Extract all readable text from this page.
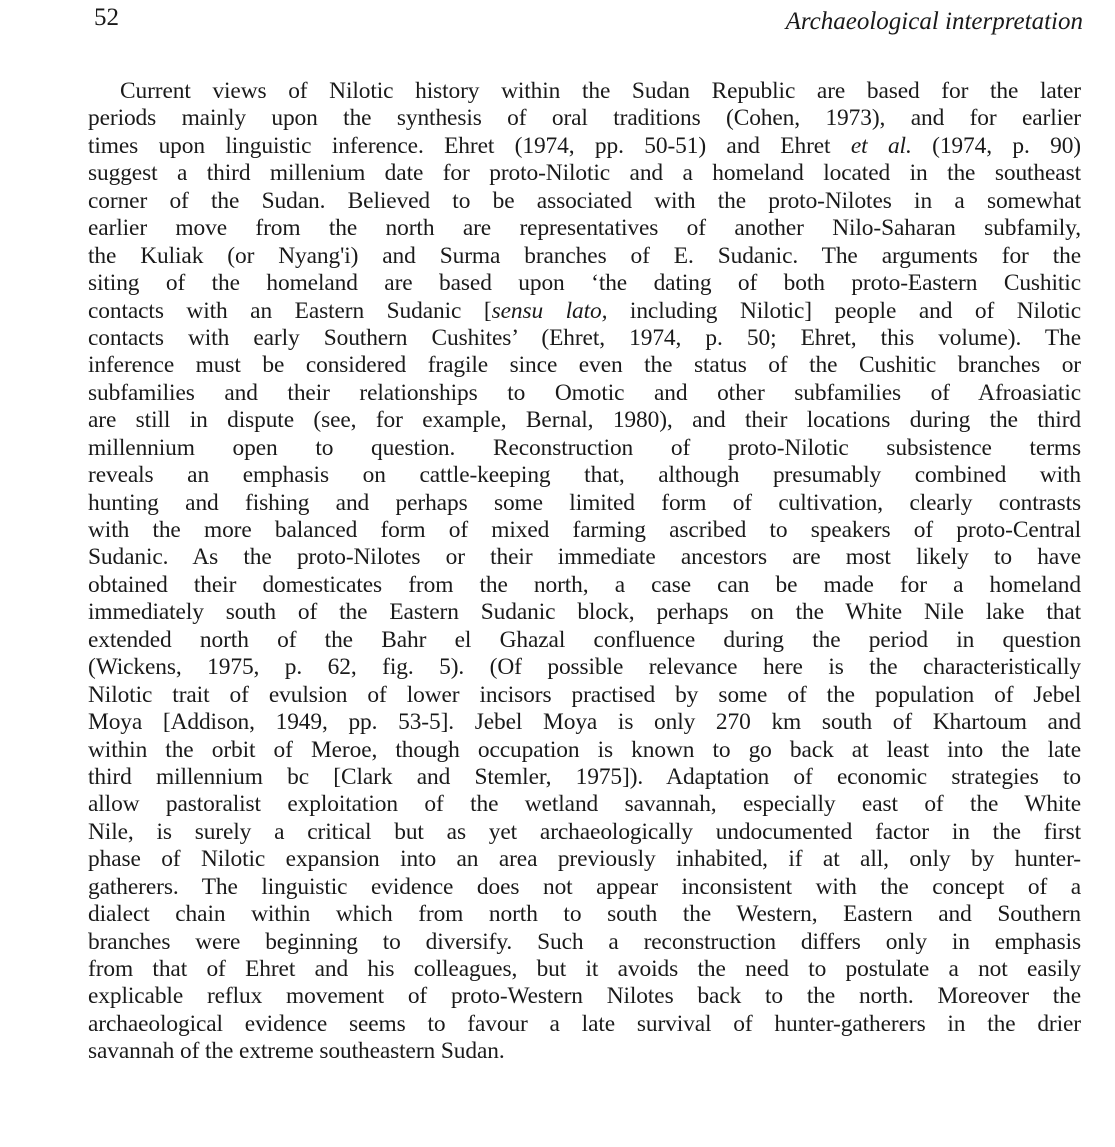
52	Archaeological interpretation
Current views of Nilotic history within the Sudan Republic are based for the later
periods mainly upon the synthesis of oral traditions (Cohen, 1973), and for earlier
times upon linguistic inference. Ehret (1974, pp. 50-51) and Ehret et al. (1974, p. 90)
suggest a third millenium date for proto-Nilotic and a homeland located in the southeast
corner of the Sudan. Believed to be associated with the proto-Nilotes in a somewhat
earlier move from the north are representatives of another Nilo-Saharan subfamily,
the Kuliak (or Nyang'i) and Surma branches of E. Sudanic. The arguments for the
siting of the homeland are based upon ‘the dating of both proto-Eastern Cushitic
contacts with an Eastern Sudanic [sensu lato, including Nilotic] people and of Nilotic
contacts with early Southern Cushites’ (Ehret, 1974, p. 50; Ehret, this volume). The
inference must be considered fragile since even the status of the Cushitic branches or
subfamilies and their relationships to Omotic and other subfamilies of Afroasiatic
are still in dispute (see, for example, Bernal, 1980), and their locations during the third
millennium open to question. Reconstruction of proto-Nilotic subsistence terms
reveals an emphasis on cattle-keeping that, although presumably combined with
hunting and fishing and perhaps some limited form of cultivation, clearly contrasts
with the more balanced form of mixed farming ascribed to speakers of proto-Central
Sudanic. As the proto-Nilotes or their immediate ancestors are most likely to have
obtained their domesticates from the north, a case can be made for a homeland
immediately south of the Eastern Sudanic block, perhaps on the White Nile lake that
extended north of the Bahr el Ghazal confluence during the period in question
(Wickens, 1975, p. 62, fig. 5). (Of possible relevance here is the characteristically
Nilotic trait of evulsion of lower incisors practised by some of the population of Jebel
Moya [Addison, 1949, pp. 53-5]. Jebel Moya is only 270 km south of Khartoum and
within the orbit of Meroe, though occupation is known to go back at least into the late
third millennium bc [Clark and Stemler, 1975]). Adaptation of economic strategies to
allow pastoralist exploitation of the wetland savannah, especially east of the White
Nile, is surely a critical but as yet archaeologically undocumented factor in the first
phase of Nilotic expansion into an area previously inhabited, if at all, only by hunter-
gatherers. The linguistic evidence does not appear inconsistent with the concept of a
dialect chain within which from north to south the Western, Eastern and Southern
branches were beginning to diversify. Such a reconstruction differs only in emphasis
from that of Ehret and his colleagues, but it avoids the need to postulate a not easily
explicable reflux movement of proto-Western Nilotes back to the north. Moreover the
archaeological evidence seems to favour a late survival of hunter-gatherers in the drier
savannah of the extreme southeastern Sudan.
